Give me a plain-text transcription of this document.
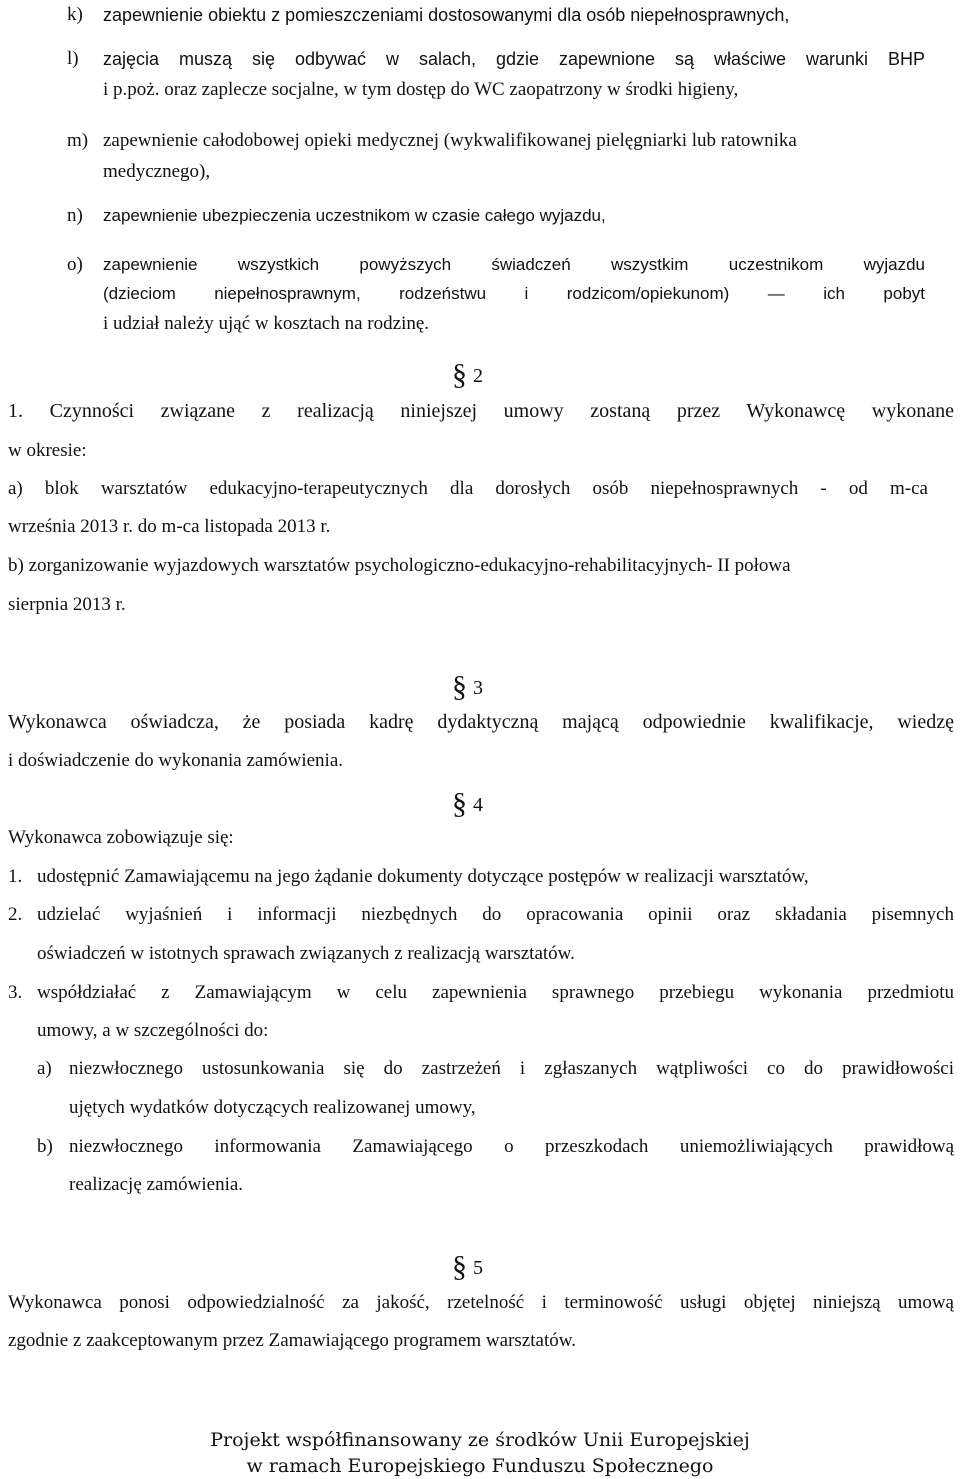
k) zapewnienie obiektu z pomieszczeniami dostosowanymi dla osób niepełnosprawnych,
l) zajęcia muszą się odbywać w salach, gdzie zapewnione są właściwe warunki BHP
i p.poż. oraz zaplecze socjalne, w tym dostęp do WC zaopatrzony w środki higieny,
m) zapewnienie całodobowej opieki medycznej (wykwalifikowanej pielęgniarki lub ratownika
medycznego),
n) zapewnienie ubezpieczenia uczestnikom w czasie całego wyjazdu,
o) zapewnienie wszystkich powyższych świadczeń wszystkim uczestnikom wyjazdu
(dzieciom niepełnosprawnym, rodzeństwu i rodzicom/opiekunom) — ich pobyt
i udział należy ująć w kosztach na rodzinę.
§ 2
1. Czynności związane z realizacją niniejszej umowy zostaną przez Wykonawcę wykonane
w okresie:
a) blok warsztatów edukacyjno-terapeutycznych dla dorosłych osób niepełnosprawnych - od m-ca
września 2013 r. do m-ca listopada 2013 r.
b) zorganizowanie wyjazdowych warsztatów psychologiczno-edukacyjno-rehabilitacyjnych- II połowa
sierpnia 2013 r.
§ 3
Wykonawca oświadcza, że posiada kadrę dydaktyczną mającą odpowiednie kwalifikacje, wiedzę
i doświadczenie do wykonania zamówienia.
§ 4
Wykonawca zobowiązuje się:
1. udostępnić Zamawiającemu na jego żądanie dokumenty dotyczące postępów w realizacji warsztatów,
2. udzielać wyjaśnień i informacji niezbędnych do opracowania opinii oraz składania pisemnych
oświadczeń w istotnych sprawach związanych z realizacją warsztatów.
3. współdziałać z Zamawiającym w celu zapewnienia sprawnego przebiegu wykonania przedmiotu
umowy, a w szczególności do:
a) niezwłocznego ustosunkowania się do zastrzeżeń i zgłaszanych wątpliwości co do prawidłowości
ujętych wydatków dotyczących realizowanej umowy,
b) niezwłocznego informowania Zamawiającego o przeszkodach uniemożliwiających prawidłową
realizację zamówienia.
§ 5
Wykonawca ponosi odpowiedzialność za jakość, rzetelność i terminowość usługi objętej niniejszą umową
zgodnie z zaakceptowanym przez Zamawiającego programem warsztatów.
Projekt współfinansowany ze środków Unii Europejskiej
w ramach Europejskiego Funduszu Społecznego
